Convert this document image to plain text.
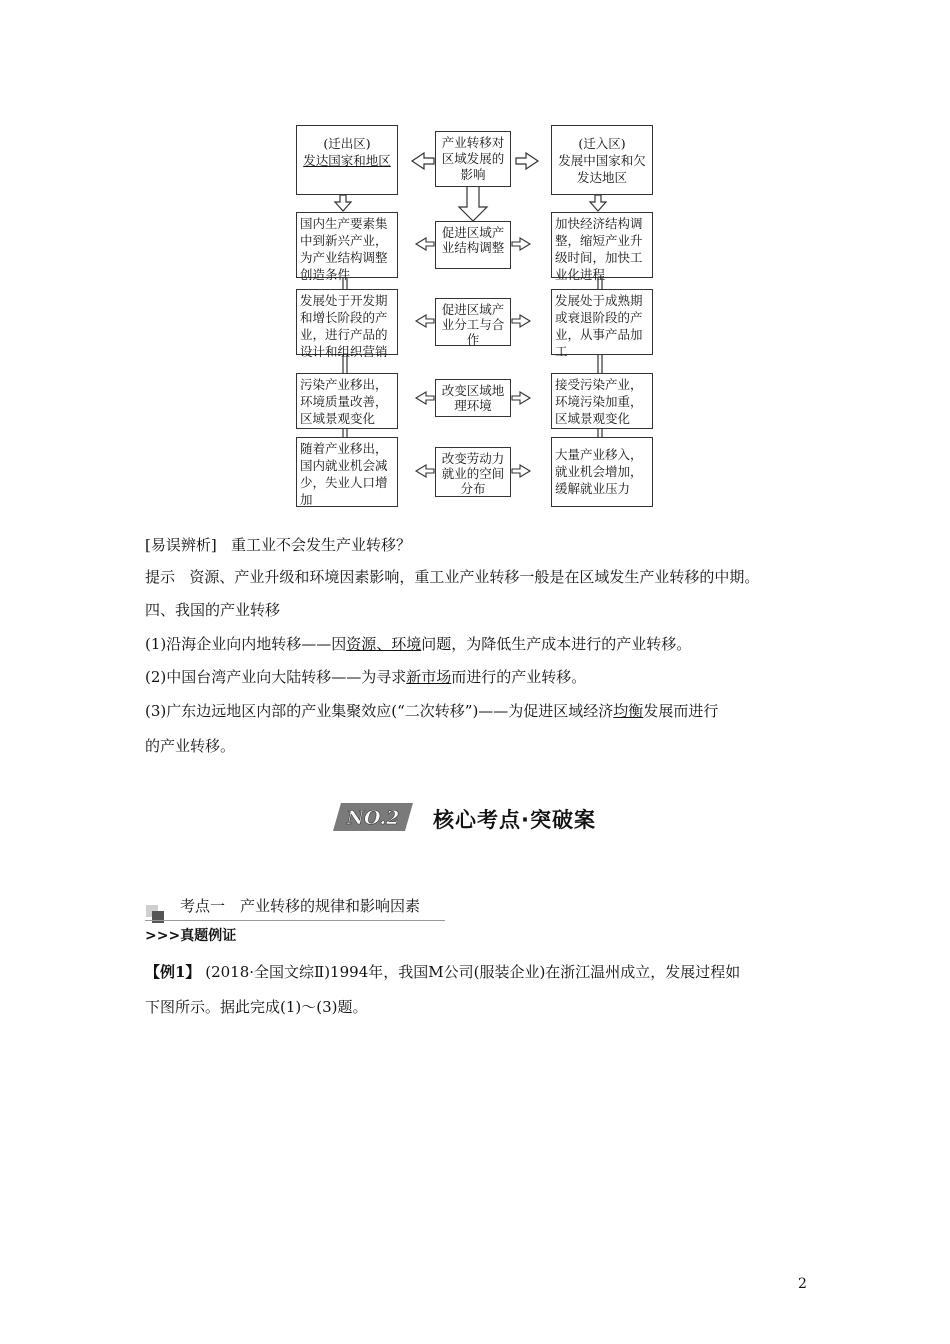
(迁出区)
发达国家和地区
产业转移对区域发展的影响
(迁入区)
发展中国家和欠发达地区
国内生产要素集中到新兴产业，为产业结构调整创造条件
促进区域产业结构调整
加快经济结构调整，缩短产业升级时间，加快工业化进程
发展处于开发期和增长阶段的产业，进行产品的设计和组织营销
促进区域产业分工与合作
发展处于成熟期或衰退阶段的产业，从事产品加工
污染产业移出，环境质量改善，区域景观变化
改变区域地理环境
接受污染产业，环境污染加重，区域景观变化
随着产业移出，国内就业机会减少，失业人口增加
改变劳动力就业的空间分布
大量产业移入，就业机会增加，缓解就业压力
[易误辨析] 重工业不会发生产业转移？
提示 资源、产业升级和环境因素影响，重工业产业转移一般是在区域发生产业转移的中期。
四、我国的产业转移
(1)沿海企业向内地转移——因资源、环境问题，为降低生产成本进行的产业转移。
(2)中国台湾产业向大陆转移——为寻求新市场而进行的产业转移。
(3)广东边远地区内部的产业集聚效应(“二次转移”)——为促进区域经济均衡发展而进行
的产业转移。
NO.2 核心考点·突破案
考点一　产业转移的规律和影响因素
>>>真题例证
【例1】 (2018·全国文综Ⅱ)1994年，我国M公司(服装企业)在浙江温州成立，发展过程如
下图所示。据此完成(1)～(3)题。
2
